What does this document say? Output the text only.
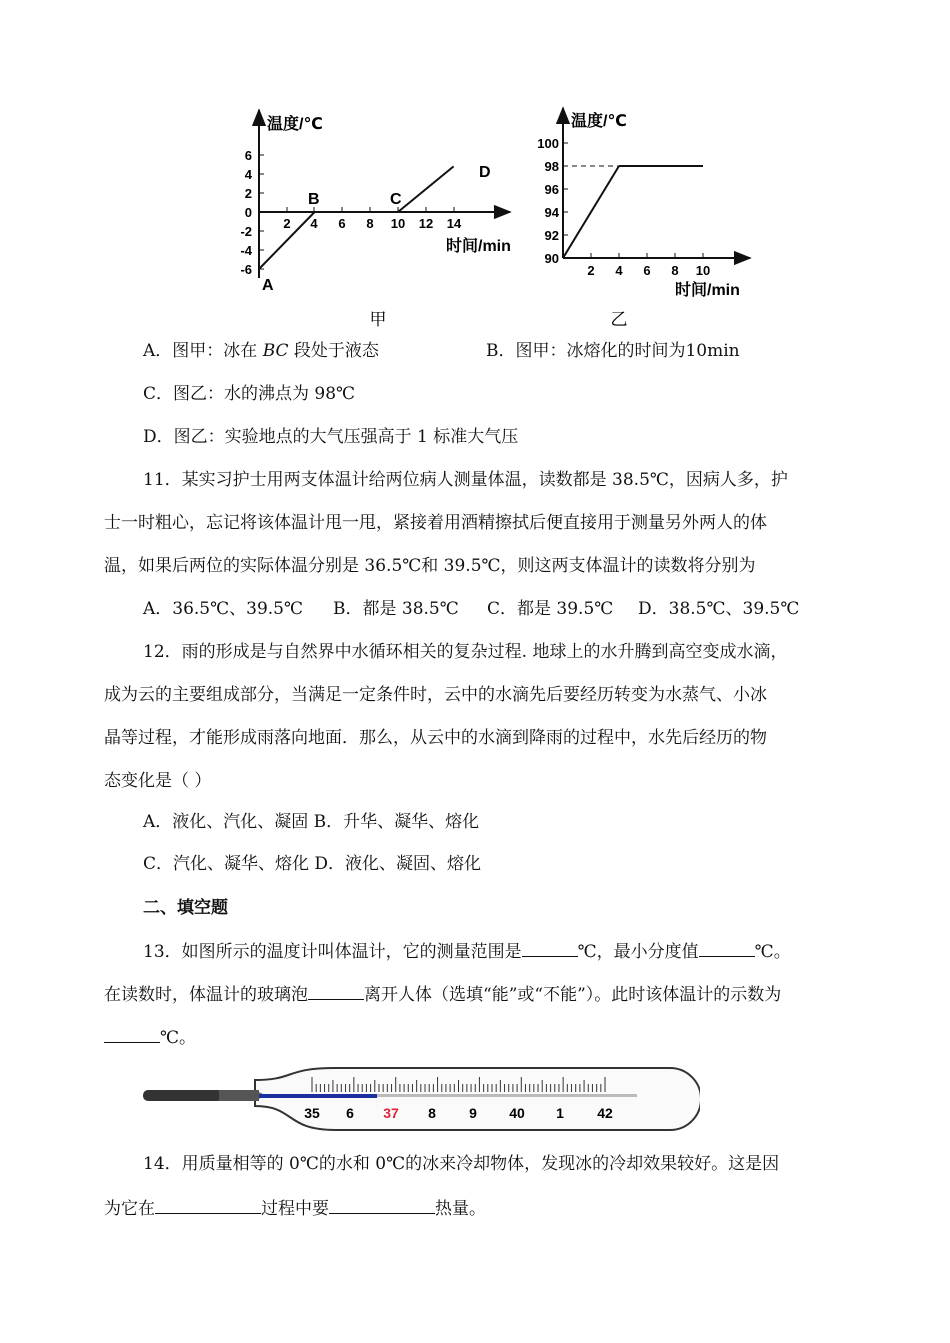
温度/℃
时间/min
6
4
2
0
-2
-4
-6
2 4 6 8 10 12 14
A
B	C
D
甲
温度/℃
时间/min
100
98
96
94
92
90
2 4 6 8 10
乙
A．图甲：冰在 BC 段处于液态	B．图甲：冰熔化的时间为10min
C．图乙：水的沸点为 98℃
D．图乙：实验地点的大气压强高于 1 标准大气压
11．某实习护士用两支体温计给两位病人测量体温，读数都是 38.5℃，因病人多，护
士一时粗心，忘记将该体温计甩一甩，紧接着用酒精擦拭后便直接用于测量另外两人的体
温，如果后两位的实际体温分别是 36.5℃和 39.5℃，则这两支体温计的读数将分别为
A．36.5℃、39.5℃ B．都是 38.5℃ C．都是 39.5℃ D．38.5℃、39.5℃
12．雨的形成是与自然界中水循环相关的复杂过程. 地球上的水升腾到高空变成水滴，
成为云的主要组成部分，当满足一定条件时，云中的水滴先后要经历转变为水蒸气、小冰
晶等过程，才能形成雨落向地面．那么，从云中的水滴到降雨的过程中，水先后经历的物
态变化是（ ）
A．液化、汽化、凝固 B．升华、凝华、熔化
C．汽化、凝华、熔化 D．液化、凝固、熔化
二、填空题
13．如图所示的温度计叫体温计，它的测量范围是	℃，最小分度值	℃。
在读数时，体温计的玻璃泡	离开人体（选填“能”或“不能”）。此时该体温计的示数为
℃。
35 6 37 8 9 40 1 42
14．用质量相等的 0℃的水和 0℃的冰来冷却物体，发现冰的冷却效果较好。这是因
为它在	过程中要	热量。
